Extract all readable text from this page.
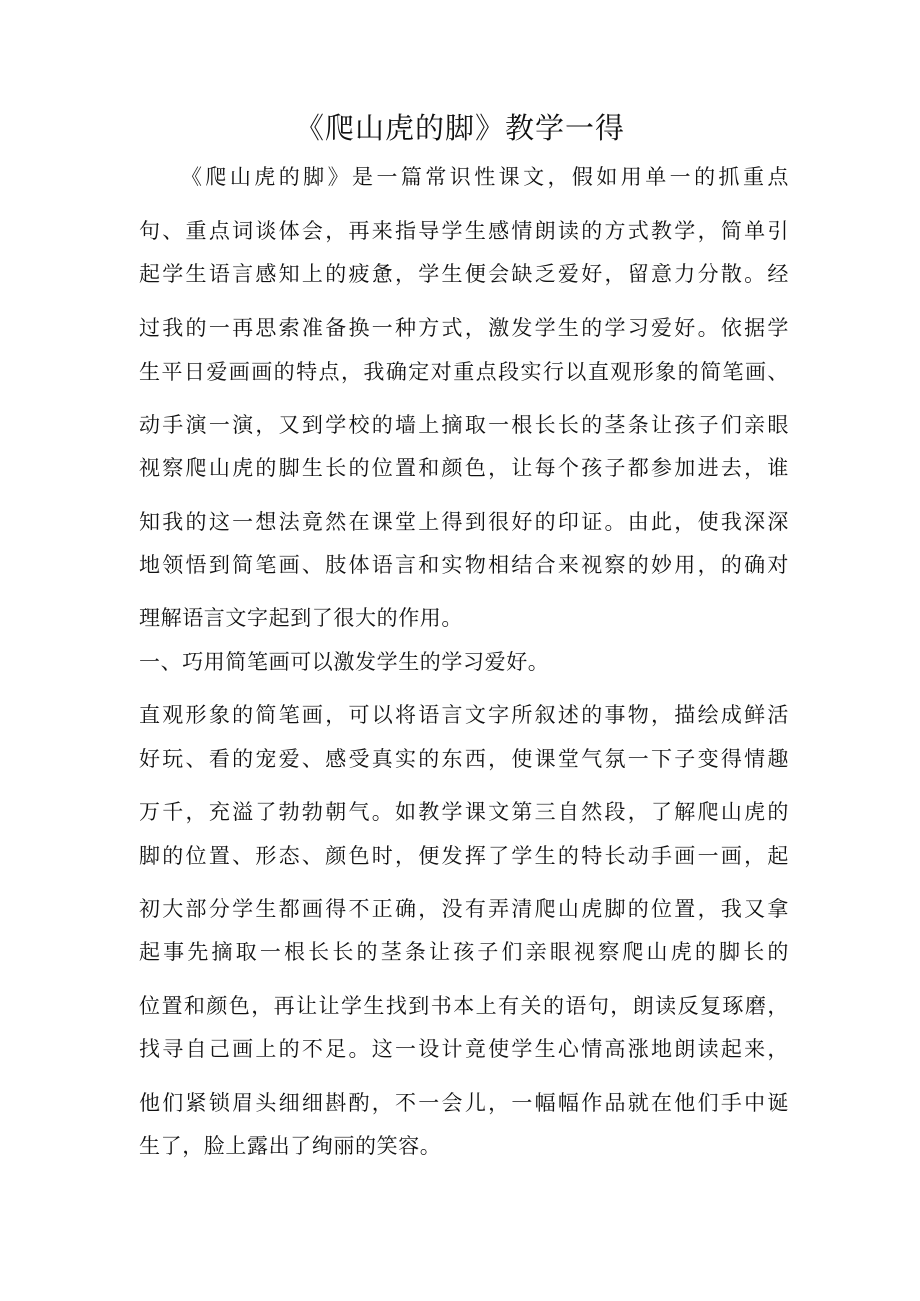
《爬山虎的脚》教学一得
《爬山虎的脚》是一篇常识性课文，假如用单一的抓重点
句、重点词谈体会，再来指导学生感情朗读的方式教学，简单引
起学生语言感知上的疲惫，学生便会缺乏爱好，留意力分散。经
过我的一再思索准备换一种方式，激发学生的学习爱好。依据学
生平日爱画画的特点，我确定对重点段实行以直观形象的简笔画、
动手演一演，又到学校的墙上摘取一根长长的茎条让孩子们亲眼
视察爬山虎的脚生长的位置和颜色，让每个孩子都参加进去，谁
知我的这一想法竟然在课堂上得到很好的印证。由此，使我深深
地领悟到简笔画、肢体语言和实物相结合来视察的妙用，的确对
理解语言文字起到了很大的作用。
一、巧用简笔画可以激发学生的学习爱好。
直观形象的简笔画，可以将语言文字所叙述的事物，描绘成鲜活
好玩、看的宠爱、感受真实的东西，使课堂气氛一下子变得情趣
万千，充溢了勃勃朝气。如教学课文第三自然段，了解爬山虎的
脚的位置、形态、颜色时，便发挥了学生的特长动手画一画，起
初大部分学生都画得不正确，没有弄清爬山虎脚的位置，我又拿
起事先摘取一根长长的茎条让孩子们亲眼视察爬山虎的脚长的
位置和颜色，再让让学生找到书本上有关的语句，朗读反复琢磨，
找寻自己画上的不足。这一设计竟使学生心情高涨地朗读起来，
他们紧锁眉头细细斟酌，不一会儿，一幅幅作品就在他们手中诞
生了，脸上露出了绚丽的笑容。
